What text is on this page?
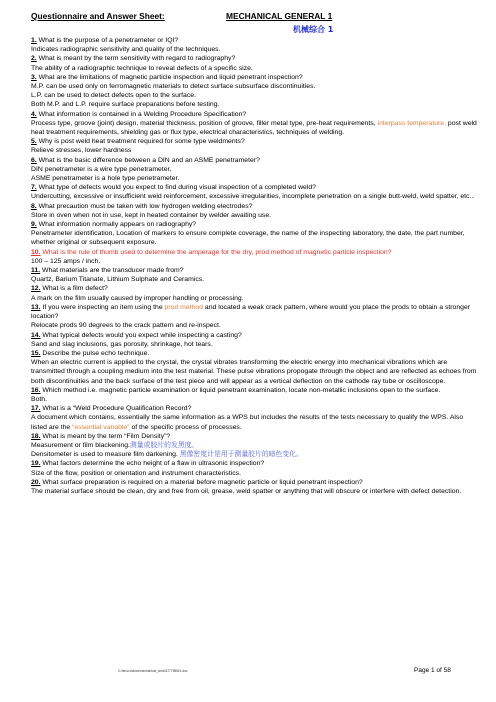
Questionnaire and Answer Sheet:	MECHANICAL GENERAL 1
机械综合 1
1. What is the purpose of a penetrameter or IQI?
Indicates radiographic sensitivity and quality of the techniques.
2. What is meant by the term sensitivity with regard to radiography?
The ability of a radiographic technique to reveal defects of a specific size.
3. What are the limitations of magnetic particle inspection and liquid penetrant inspection?
M.P. can be used only on ferromagnetic materials to detect surface subsurface discontinuities.
L.P. can be used to detect defects open to the surface.
Both M.P. and L.P. require surface preparations before testing.
4. What information is contained in a Welding Procedure Specification?
Process type, groove (joint) design, material thickness, position of groove, filler metal type, pre-heat requirements, interpass temperature, post weld heat treatment requirements, shielding gas or flux type, electrical characteristics, techniques of welding.
5. Why is post weld heat treatment required for some type weldments?
Relieve stresses, lower hardness
6. What is the basic difference between a DIN and an ASME penetrameter?
DIN penetrameter is a wire type penetrameter,
ASME penetrameter is a hole type penetrameter.
7. What type of defects would you expect to find during visual inspection of a completed weld?
Undercutting, excessive or insufficient weld reinforcement, excessive irregularities, incomplete penetration on a single butt-weld, weld spatter, etc..
8. What precaution must be taken with low hydrogen welding electrodes?
Store in oven when not in use, kept in heated container by welder awaiting use.
9. What information normally appears on radiography?
Penetrameter identification, Location of markers to ensure complete coverage, the name of the inspecting laboratory, the date, the part number, whether original or subsequent exposure.
10. What is the rule of thumb used to determine the amperage for the dry, prod method of magnetic particle inspection?
100 – 125 amps / inch.
11. What materials are the transducer made from?
Quartz, Barium Titanate, Lithium Sulphate and Ceramics.
12. What is a film defect?
A mark on the film usually caused by improper handling or processing.
13. If you were inspecting an item using the prod method and located a weak crack pattern, where would you place the prods to obtain a stronger location?
Relocate prods 90 degrees to the crack pattern and re-inspect.
14. What typical defects would you expect while inspecting a casting?
Sand and slag inclusions, gas porosity, shrinkage, hot tears.
15. Describe the pulse echo technique.
When an electric current is applied to the crystal, the crystal vibrates transforming the electric energy into mechanical vibrations which are transmitted through a coupling medium into the test material. These pulse vibrations propogate through the object and are reflected as echoes from both discontinuities and the back surface of the test piece and will appear as a vertical deflection on the cathode ray tube or oscilloscope.
16. Which method i.e. magnetic particle examination or liquid penetrant examination, locate non-metallic inclusions open to the surface.
Both.
17. What is a “Weld Procedure Qualification Record?
A document which contains, essentially the same information as a WPS but includes the results of the tests necessary to qualify the WPS. Also listed are the “essential vanable” of the specific process of processes.
18. What is meant by the term “Film Density”?
Measurement or film blackening.测量或胶片的发黑度。
Densitometer is used to measure film darkening. 黑像密度计是用于测量胶片的暗色变化。
19. What factors determine the echo height of a flaw in ultrasonic inspection?
Size of the flow, position or orientation and instrument characteristics.
20. What surface preparation is required on a material before magnetic particle or liquid penetrant inspection?
The material surface should be clean, dry and free from oil, grease, weld spatter or anything that will obscure or interfere with defect detection.
C:\lenovo\docs\mechanical_work\377798521.doc	Page 1 of 58
